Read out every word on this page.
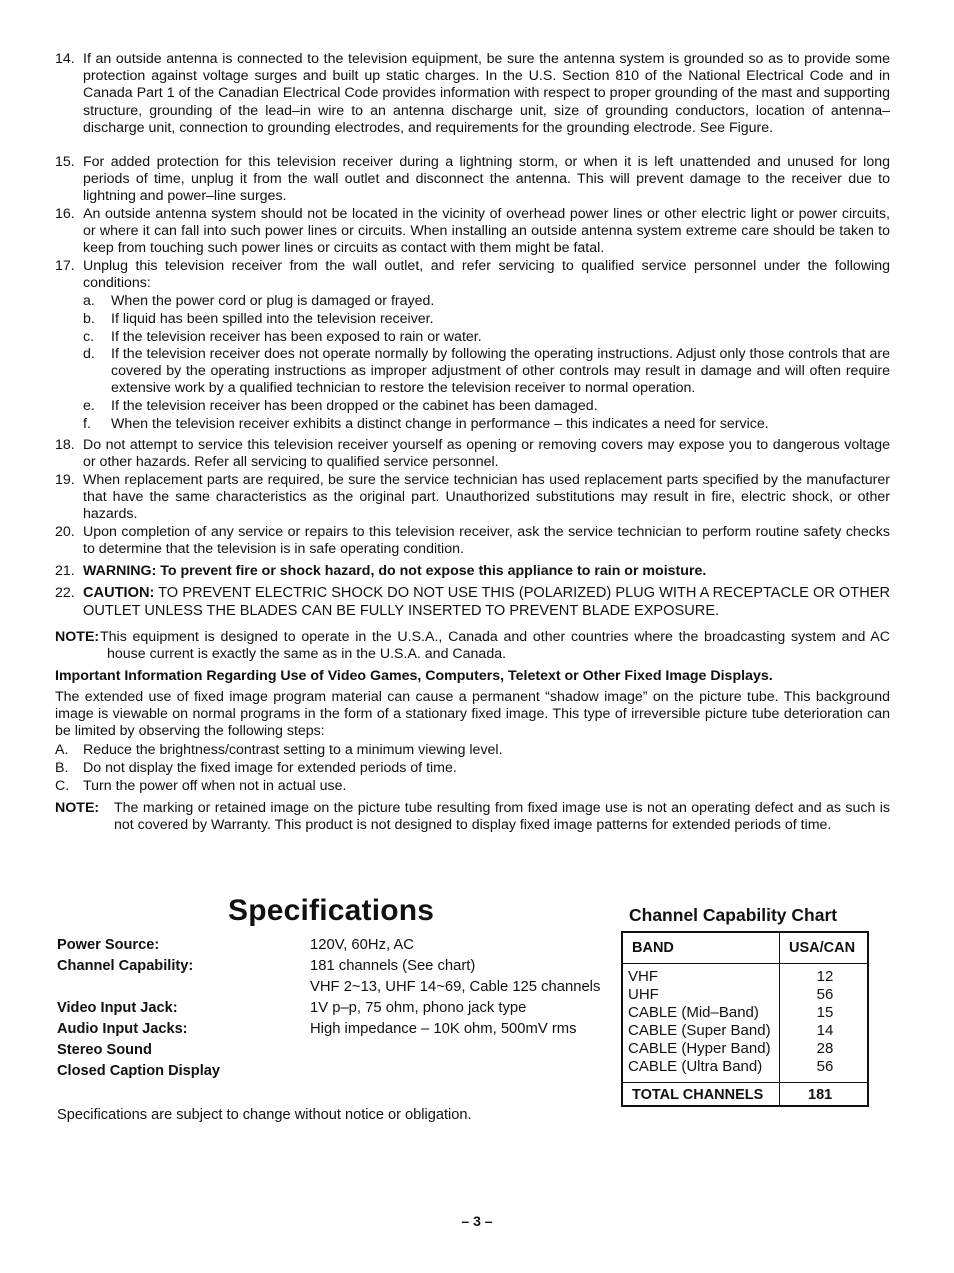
14. If an outside antenna is connected to the television equipment, be sure the antenna system is grounded so as to provide some protection against voltage surges and built up static charges. In the U.S. Section 810 of the National Electrical Code and in Canada Part 1 of the Canadian Electrical Code provides information with respect to proper grounding of the mast and supporting structure, grounding of the lead–in wire to an antenna discharge unit, size of grounding conductors, location of antenna–discharge unit, connection to grounding electrodes, and requirements for the grounding electrode. See Figure.
15. For added protection for this television receiver during a lightning storm, or when it is left unattended and unused for long periods of time, unplug it from the wall outlet and disconnect the antenna. This will prevent damage to the receiver due to lightning and power–line surges.
16. An outside antenna system should not be located in the vicinity of overhead power lines or other electric light or power circuits, or where it can fall into such power lines or circuits. When installing an outside antenna system extreme care should be taken to keep from touching such power lines or circuits as contact with them might be fatal.
17. Unplug this television receiver from the wall outlet, and refer servicing to qualified service personnel under the following conditions:
a.	When the power cord or plug is damaged or frayed.
b.	If liquid has been spilled into the television receiver.
c.	If the television receiver has been exposed to rain or water.
d.	If the television receiver does not operate normally by following the operating instructions. Adjust only those controls that are covered by the operating instructions as improper adjustment of other controls may result in damage and will often require extensive work by a qualified technician to restore the television receiver to normal operation.
e.	If the television receiver has been dropped or the cabinet has been damaged.
f.	When the television receiver exhibits a distinct change in performance – this indicates a need for service.
18. Do not attempt to service this television receiver yourself as opening or removing covers may expose you to dangerous voltage or other hazards. Refer all servicing to qualified service personnel.
19. When replacement parts are required, be sure the service technician has used replacement parts specified by the manufacturer that have the same characteristics as the original part. Unauthorized substitutions may result in fire, electric shock, or other hazards.
20. Upon completion of any service or repairs to this television receiver, ask the service technician to perform routine safety checks to determine that the television is in safe operating condition.
21. WARNING: To prevent fire or shock hazard, do not expose this appliance to rain or moisture.
22. CAUTION: TO PREVENT ELECTRIC SHOCK DO NOT USE THIS (POLARIZED) PLUG WITH A RECEPTACLE OR OTHER OUTLET UNLESS THE BLADES CAN BE FULLY INSERTED TO PREVENT BLADE EXPOSURE.
NOTE: This equipment is designed to operate in the U.S.A., Canada and other countries where the broadcasting system and AC house current is exactly the same as in the U.S.A. and Canada.
Important Information Regarding Use of Video Games, Computers, Teletext or Other Fixed Image Displays.
The extended use of fixed image program material can cause a permanent “shadow image” on the picture tube. This background image is viewable on normal programs in the form of a stationary fixed image. This type of irreversible picture tube deterioration can be limited by observing the following steps:
A.	Reduce the brightness/contrast setting to a minimum viewing level.
B.	Do not display the fixed image for extended periods of time.
C. Turn the power off when not in actual use.
NOTE:	The marking or retained image on the picture tube resulting from fixed image use is not an operating defect and as such is not covered by Warranty. This product is not designed to display fixed image patterns for extended periods of time.
Specifications	Channel Capability Chart
Power Source:	120V, 60Hz, AC
Channel Capability:	181 channels (See chart)
VHF 2~13, UHF 14~69, Cable 125 channels
Video Input Jack:	1V p–p, 75 ohm, phono jack type
Audio Input Jacks:	High impedance – 10K ohm, 500mV rms
Stereo Sound
Closed Caption Display
BAND	USA/CAN
VHF	12
UHF	56
CABLE (Mid–Band)	15
CABLE (Super Band)	14
CABLE (Hyper Band)	28
CABLE (Ultra Band)	56
TOTAL CHANNELS	181
Specifications are subject to change without notice or obligation.
– 3 –
